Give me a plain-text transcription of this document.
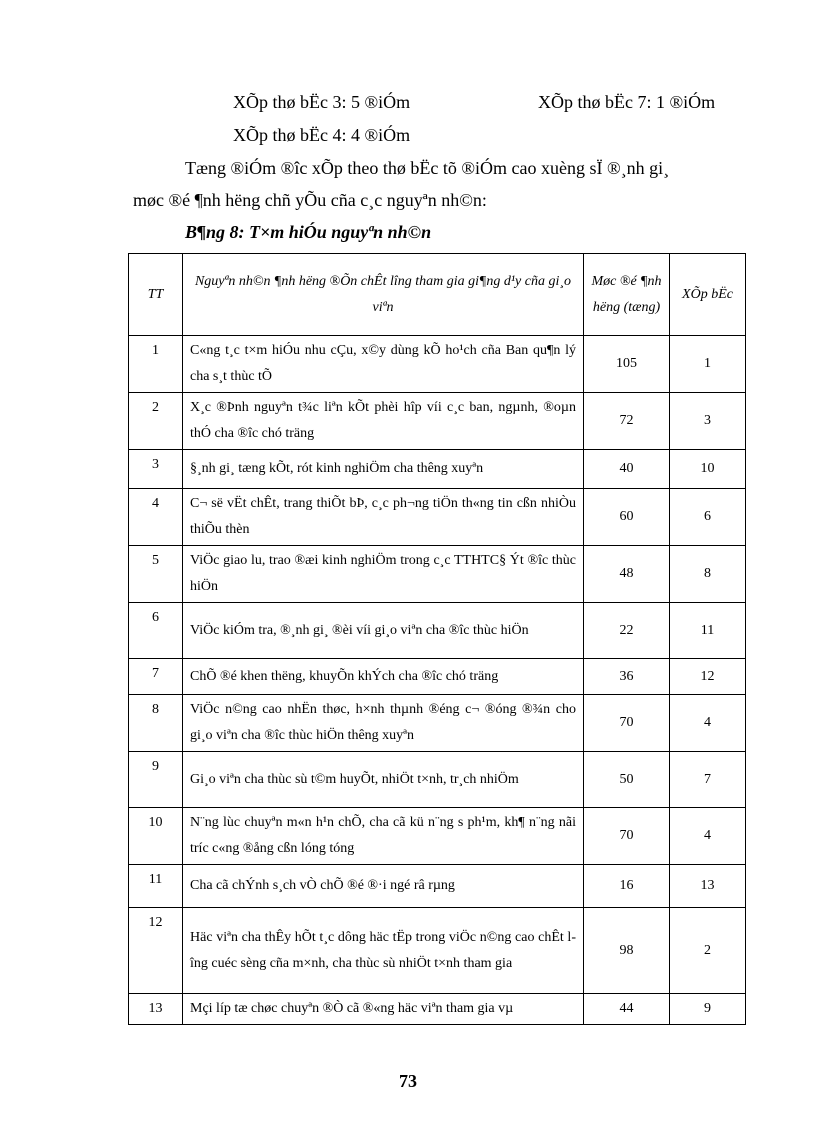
XÕp thø bËc 3: 5 ®iÓm	XÕp thø bËc 7: 1 ®iÓm
XÕp thø bËc 4: 4 ®iÓm
Tæng ®iÓm ®îc xÕp theo thø bËc tõ ®iÓm cao xuèng sÏ ®¸nh gi¸
møc ®é ¶nh hëng chñ yÕu cña c¸c nguyªn nh©n:
B¶ng 8: T×m hiÓu nguyªn nh©n
TT	Nguyªn nh©n ¶nh hëng ®Õn chÊt lîng tham gia gi¶ng d¹y cña gi¸o viªn	Møc ®é ¶nh hëng (tæng)	XÕp bËc
1	C«ng t¸c t×m hiÓu nhu cÇu, x©y dùng kÕ ho¹ch cña Ban qu¶n lý cha s¸t thùc tÕ	105	1
2	X¸c ®Þnh nguyªn t¾c liªn kÕt phèi hîp víi c¸c ban, ngµnh, ®oµn thÓ cha ®îc chó träng	72	3
3	§¸nh gi¸ tæng kÕt, rót kinh nghiÖm cha thêng xuyªn	40	10
4	C¬ së vËt chÊt, trang thiÕt bÞ, c¸c ph¬ng tiÖn th«ng tin cßn nhiÒu thiÕu thèn	60	6
5	ViÖc giao lu, trao ®æi kinh nghiÖm trong c¸c TTHTC§ Ýt ®îc thùc hiÖn	48	8
6	ViÖc kiÓm tra, ®¸nh gi¸ ®èi víi gi¸o viªn cha ®îc thùc hiÖn	22	11
7	ChÕ ®é khen thëng, khuyÕn khÝch cha ®îc chó träng	36	12
8	ViÖc n©ng cao nhËn thøc, h×nh thµnh ®éng c¬ ®óng ®¾n cho gi¸o viªn cha ®îc thùc hiÖn thêng xuyªn	70	4
9	Gi¸o viªn cha thùc sù t©m huyÕt, nhiÖt t×nh, tr¸ch nhiÖm	50	7
10	N¨ng lùc chuyªn m«n h¹n chÕ, cha cã kü n¨ng s ph¹m, kh¶ n¨ng nãi tríc c«ng ®ång cßn lóng tóng	70	4
11	Cha cã chÝnh s¸ch vÒ chÕ ®é ®·i ngé râ rµng	16	13
12	Häc viªn cha thÊy hÕt t¸c dông häc tËp trong viÖc n©ng cao chÊt lîng cuéc sèng cña m×nh, cha thùc sù nhiÖt t×nh tham gia	98	2
13	Mçi líp tæ chøc chuyªn ®Ò cã ®«ng häc viªn tham gia vµ	44	9
73
